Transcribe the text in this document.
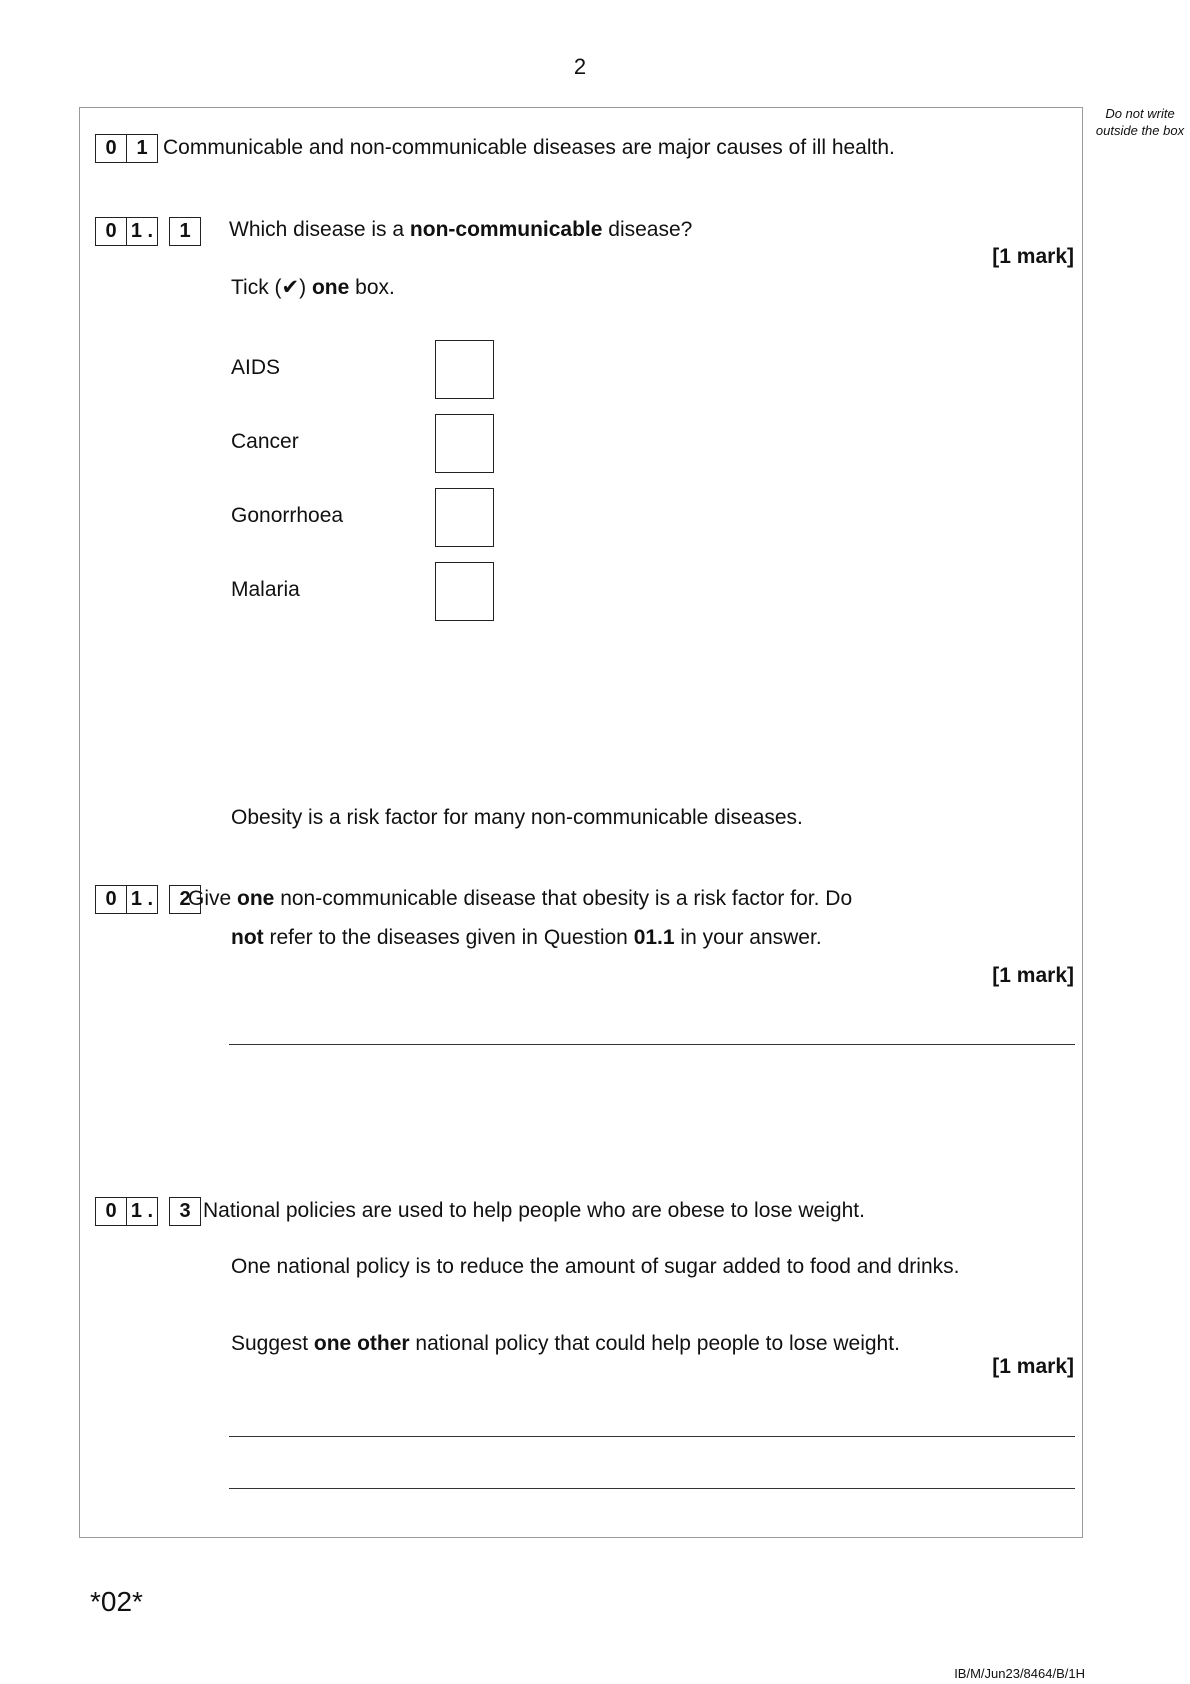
2
Do not write outside the box
0 1 Communicable and non-communicable diseases are major causes of ill health.
0 1 .	1	Which disease is a non-communicable disease?
[1 mark]
Tick (✔) one box.
AIDS
Cancer
Gonorrhoea
Malaria
Obesity is a risk factor for many non-communicable diseases.
0 1 .	2
Give one non-communicable disease that obesity is a risk factor for. Do
not refer to the diseases given in Question 01.1 in your answer.
[1 mark]
0 1 .	3 National policies are used to help people who are obese to lose weight.
One national policy is to reduce the amount of sugar added to food and drinks.
Suggest one other national policy that could help people to lose weight.
[1 mark]
*02*
IB/M/Jun23/8464/B/1H
